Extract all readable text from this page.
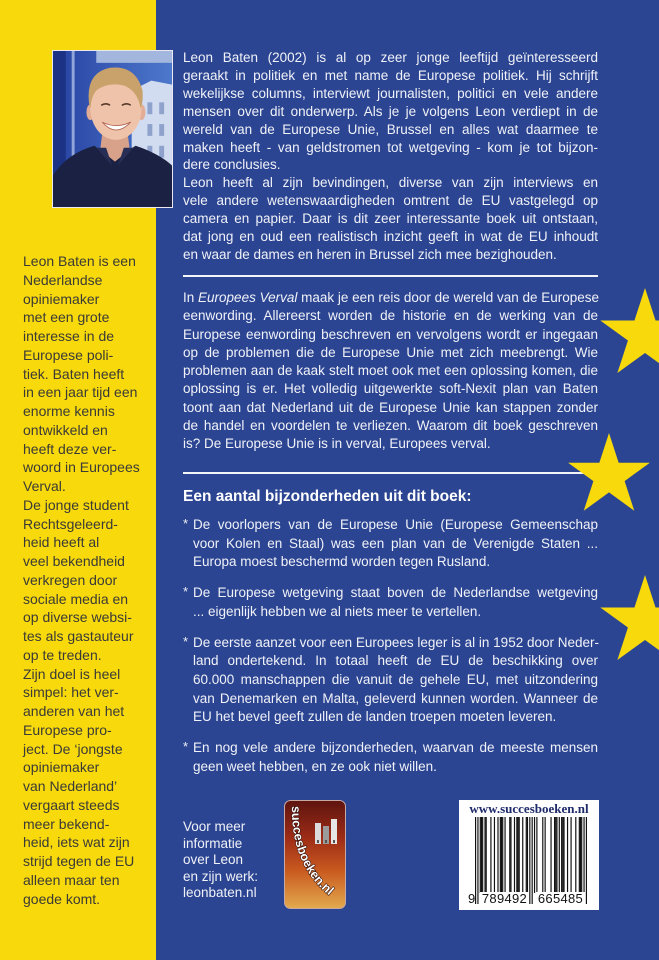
Leon Baten is een
Nederlandse
opiniemaker
met een grote
interesse in de
Europese poli-
tiek. Baten heeft
in een jaar tijd een
enorme kennis
ontwikkeld en
heeft deze ver-
woord in Europees
Verval.
De jonge student
Rechtsgeleerd-
heid heeft al
veel bekendheid
verkregen door
sociale media en
op diverse websi-
tes als gastauteur
op te treden.
Zijn doel is heel
simpel: het ver-
anderen van het
Europese pro-
ject. De ‘jongste
opiniemaker
van Nederland’
vergaart steeds
meer bekend-
heid, iets wat zijn
strijd tegen de EU
alleen maar ten
goede komt.
Leon Baten (2002) is al op zeer jonge leeftijd geïnteresseerd
geraakt in politiek en met name de Europese politiek. Hij schrijft
wekelijkse columns, interviewt journalisten, politici en vele andere
mensen over dit onderwerp. Als je je volgens Leon verdiept in de
wereld van de Europese Unie, Brussel en alles wat daarmee te
maken heeft - van geldstromen tot wetgeving - kom je tot bijzon-
dere conclusies.
Leon heeft al zijn bevindingen, diverse van zijn interviews en
vele andere wetenswaardigheden omtrent de EU vastgelegd op
camera en papier. Daar is dit zeer interessante boek uit ontstaan,
dat jong en oud een realistisch inzicht geeft in wat de EU inhoudt
en waar de dames en heren in Brussel zich mee bezighouden.
In Europees Verval maak je een reis door de wereld van de Europese
eenwording. Allereerst worden de historie en de werking van de
Europese eenwording beschreven en vervolgens wordt er ingegaan
op de problemen die de Europese Unie met zich meebrengt. Wie
problemen aan de kaak stelt moet ook met een oplossing komen, die
oplossing is er. Het volledig uitgewerkte soft-Nexit plan van Baten
toont aan dat Nederland uit de Europese Unie kan stappen zonder
de handel en voordelen te verliezen. Waarom dit boek geschreven
is? De Europese Unie is in verval, Europees verval.
Een aantal bijzonderheden uit dit boek:
* De voorlopers van de Europese Unie (Europese Gemeenschap
voor Kolen en Staal) was een plan van de Verenigde Staten ...
Europa moest beschermd worden tegen Rusland.
* De Europese wetgeving staat boven de Nederlandse wetgeving
... eigenlijk hebben we al niets meer te vertellen.
* De eerste aanzet voor een Europees leger is al in 1952 door Neder-
land ondertekend. In totaal heeft de EU de beschikking over
60.000 manschappen die vanuit de gehele EU, met uitzondering
van Denemarken en Malta, geleverd kunnen worden. Wanneer de
EU het bevel geeft zullen de landen troepen moeten leveren.
* En nog vele andere bijzonderheden, waarvan de meeste mensen
geen weet hebben, en ze ook niet willen.
Voor meer
informatie
over Leon
en zijn werk:
leonbaten.nl
succesboeken.nl
www.succesboeken.nl
9 789492 665485
